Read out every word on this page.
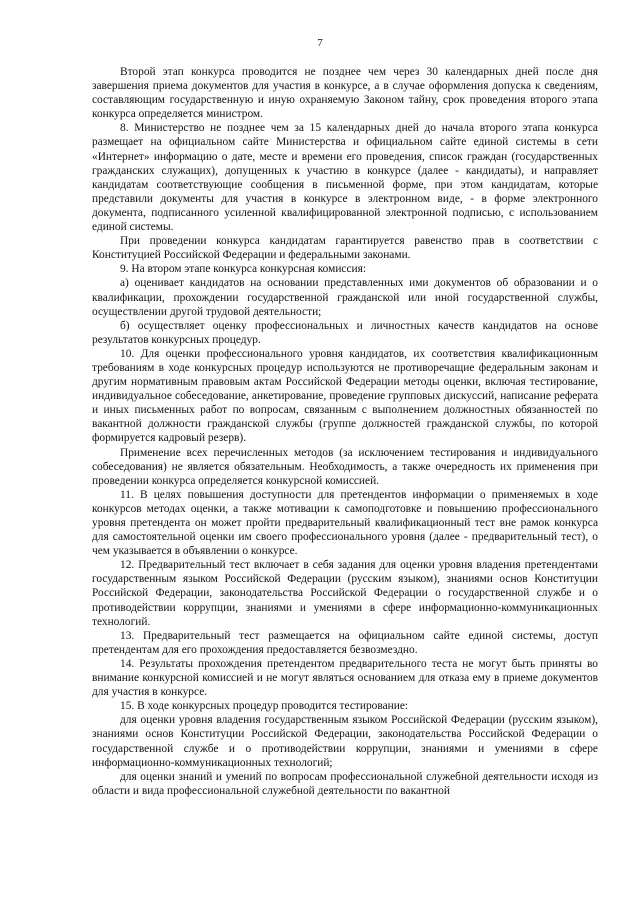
7

Второй этап конкурса проводится не позднее чем через 30 календарных дней после дня завершения приема документов для участия в конкурсе, а в случае оформления допуска к сведениям, составляющим государственную и иную охраняемую Законом тайну, срок проведения второго этапа конкурса определяется министром.

8. Министерство не позднее чем за 15 календарных дней до начала второго этапа конкурса размещает на официальном сайте Министерства и официальном сайте единой системы в сети «Интернет» информацию о дате, месте и времени его проведения, список граждан (государственных гражданских служащих), допущенных к участию в конкурсе (далее - кандидаты), и направляет кандидатам соответствующие сообщения в письменной форме, при этом кандидатам, которые представили документы для участия в конкурсе в электронном виде, - в форме электронного документа, подписанного усиленной квалифицированной электронной подписью, с использованием единой системы.

При проведении конкурса кандидатам гарантируется равенство прав в соответствии с Конституцией Российской Федерации и федеральными законами.

9. На втором этапе конкурса конкурсная комиссия:

а) оценивает кандидатов на основании представленных ими документов об образовании и о квалификации, прохождении государственной гражданской или иной государственной службы, осуществлении другой трудовой деятельности;

б) осуществляет оценку профессиональных и личностных качеств кандидатов на основе результатов конкурсных процедур.

10. Для оценки профессионального уровня кандидатов, их соответствия квалификационным требованиям в ходе конкурсных процедур используются не противоречащие федеральным законам и другим нормативным правовым актам Российской Федерации методы оценки, включая тестирование, индивидуальное собеседование, анкетирование, проведение групповых дискуссий, написание реферата и иных письменных работ по вопросам, связанным с выполнением должностных обязанностей по вакантной должности гражданской службы (группе должностей гражданской службы, по которой формируется кадровый резерв).

Применение всех перечисленных методов (за исключением тестирования и индивидуального собеседования) не является обязательным. Необходимость, а также очередность их применения при проведении конкурса определяется конкурсной комиссией.

11. В целях повышения доступности для претендентов информации о применяемых в ходе конкурсов методах оценки, а также мотивации к самоподготовке и повышению профессионального уровня претендента он может пройти предварительный квалификационный тест вне рамок конкурса для самостоятельной оценки им своего профессионального уровня (далее - предварительный тест), о чем указывается в объявлении о конкурсе.

12. Предварительный тест включает в себя задания для оценки уровня владения претендентами государственным языком Российской Федерации (русским языком), знаниями основ Конституции Российской Федерации, законодательства Российской Федерации о государственной службе и о противодействии коррупции, знаниями и умениями в сфере информационно-коммуникационных технологий.

13. Предварительный тест размещается на официальном сайте единой системы, доступ претендентам для его прохождения предоставляется безвозмездно.

14. Результаты прохождения претендентом предварительного теста не могут быть приняты во внимание конкурсной комиссией и не могут являться основанием для отказа ему в приеме документов для участия в конкурсе.

15. В ходе конкурсных процедур проводится тестирование:

для оценки уровня владения государственным языком Российской Федерации (русским языком), знаниями основ Конституции Российской Федерации, законодательства Российской Федерации о государственной службе и о противодействии коррупции, знаниями и умениями в сфере информационно-коммуникационных технологий;

для оценки знаний и умений по вопросам профессиональной служебной деятельности исходя из области и вида профессиональной служебной деятельности по вакантной
